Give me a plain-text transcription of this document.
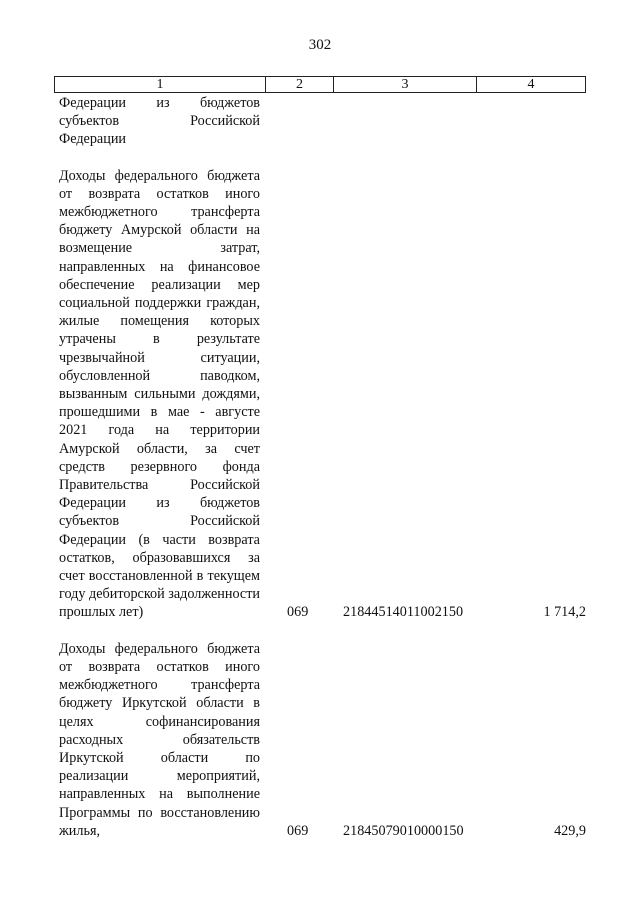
302
1	2	3	4
Федерации из бюджетов субъектов Российской Федерации
Доходы федерального бюджета от возврата остатков иного межбюджетного трансферта бюджету Амурской области на возмещение затрат, направленных на финансовое обеспечение реализации мер социальной поддержки граждан, жилые помещения которых утрачены в результате чрезвычайной ситуации, обусловленной паводком, вызванным сильными дождями, прошедшими в мае - августе 2021 года на территории Амурской области, за счет средств резервного фонда Правительства Российской Федерации из бюджетов субъектов Российской Федерации (в части возврата остатков, образовавшихся за счет восстановленной в текущем году дебиторской задолженности прошлых лет)	069	21844514011002150	1 714,2
Доходы федерального бюджета от возврата остатков иного межбюджетного трансферта бюджету Иркутской области в целях софинансирования расходных обязательств Иркутской области по реализации мероприятий, направленных на выполнение Программы по восстановлению жилья,	069	21845079010000150	429,9
